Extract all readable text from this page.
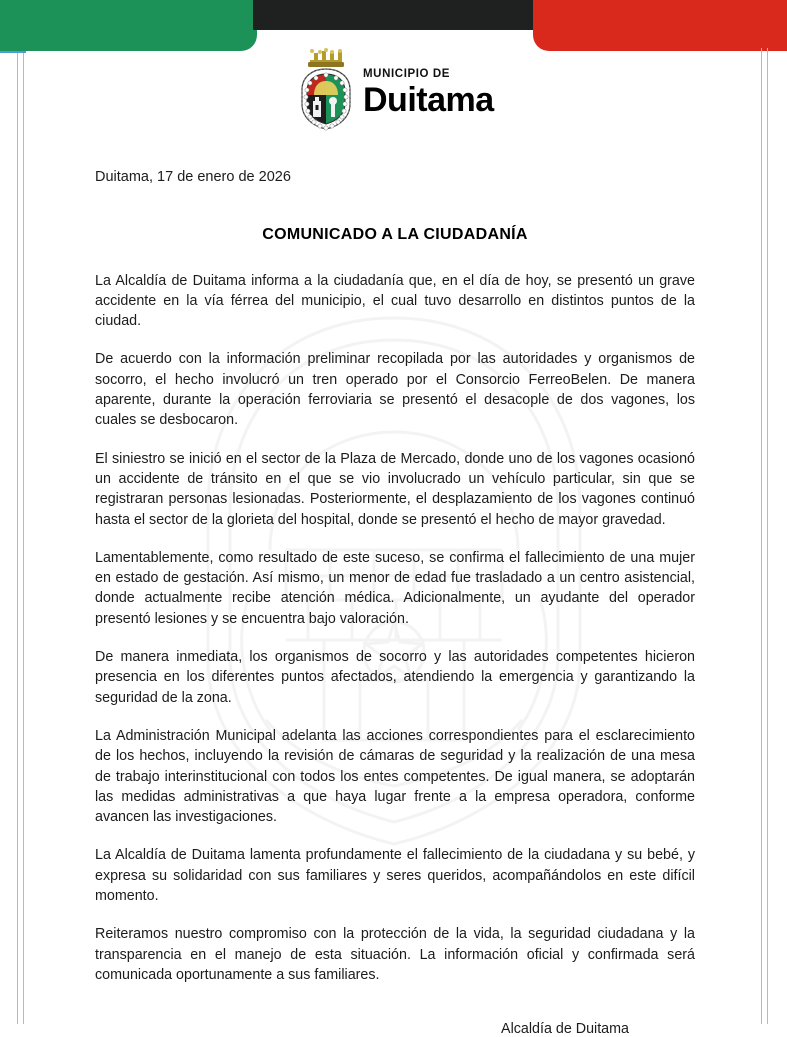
MUNICIPIO DE
Duitama

Duitama, 17 de enero de 2026

COMUNICADO A LA CIUDADANÍA

La Alcaldía de Duitama informa a la ciudadanía que, en el día de hoy, se presentó un grave accidente en la vía férrea del municipio, el cual tuvo desarrollo en distintos puntos de la ciudad.

De acuerdo con la información preliminar recopilada por las autoridades y organismos de socorro, el hecho involucró un tren operado por el Consorcio FerreoBelen. De manera aparente, durante la operación ferroviaria se presentó el desacople de dos vagones, los cuales se desbocaron.

El siniestro se inició en el sector de la Plaza de Mercado, donde uno de los vagones ocasionó un accidente de tránsito en el que se vio involucrado un vehículo particular, sin que se registraran personas lesionadas. Posteriormente, el desplazamiento de los vagones continuó hasta el sector de la glorieta del hospital, donde se presentó el hecho de mayor gravedad.

Lamentablemente, como resultado de este suceso, se confirma el fallecimiento de una mujer en estado de gestación. Así mismo, un menor de edad fue trasladado a un centro asistencial, donde actualmente recibe atención médica. Adicionalmente, un ayudante del operador presentó lesiones y se encuentra bajo valoración.

De manera inmediata, los organismos de socorro y las autoridades competentes hicieron presencia en los diferentes puntos afectados, atendiendo la emergencia y garantizando la seguridad de la zona.

La Administración Municipal adelanta las acciones correspondientes para el esclarecimiento de los hechos, incluyendo la revisión de cámaras de seguridad y la realización de una mesa de trabajo interinstitucional con todos los entes competentes. De igual manera, se adoptarán las medidas administrativas a que haya lugar frente a la empresa operadora, conforme avancen las investigaciones.

La Alcaldía de Duitama lamenta profundamente el fallecimiento de la ciudadana y su bebé, y expresa su solidaridad con sus familiares y seres queridos, acompañándolos en este difícil momento.

Reiteramos nuestro compromiso con la protección de la vida, la seguridad ciudadana y la transparencia en el manejo de esta situación. La información oficial y confirmada será comunicada oportunamente a sus familiares.

Alcaldía de Duitama
